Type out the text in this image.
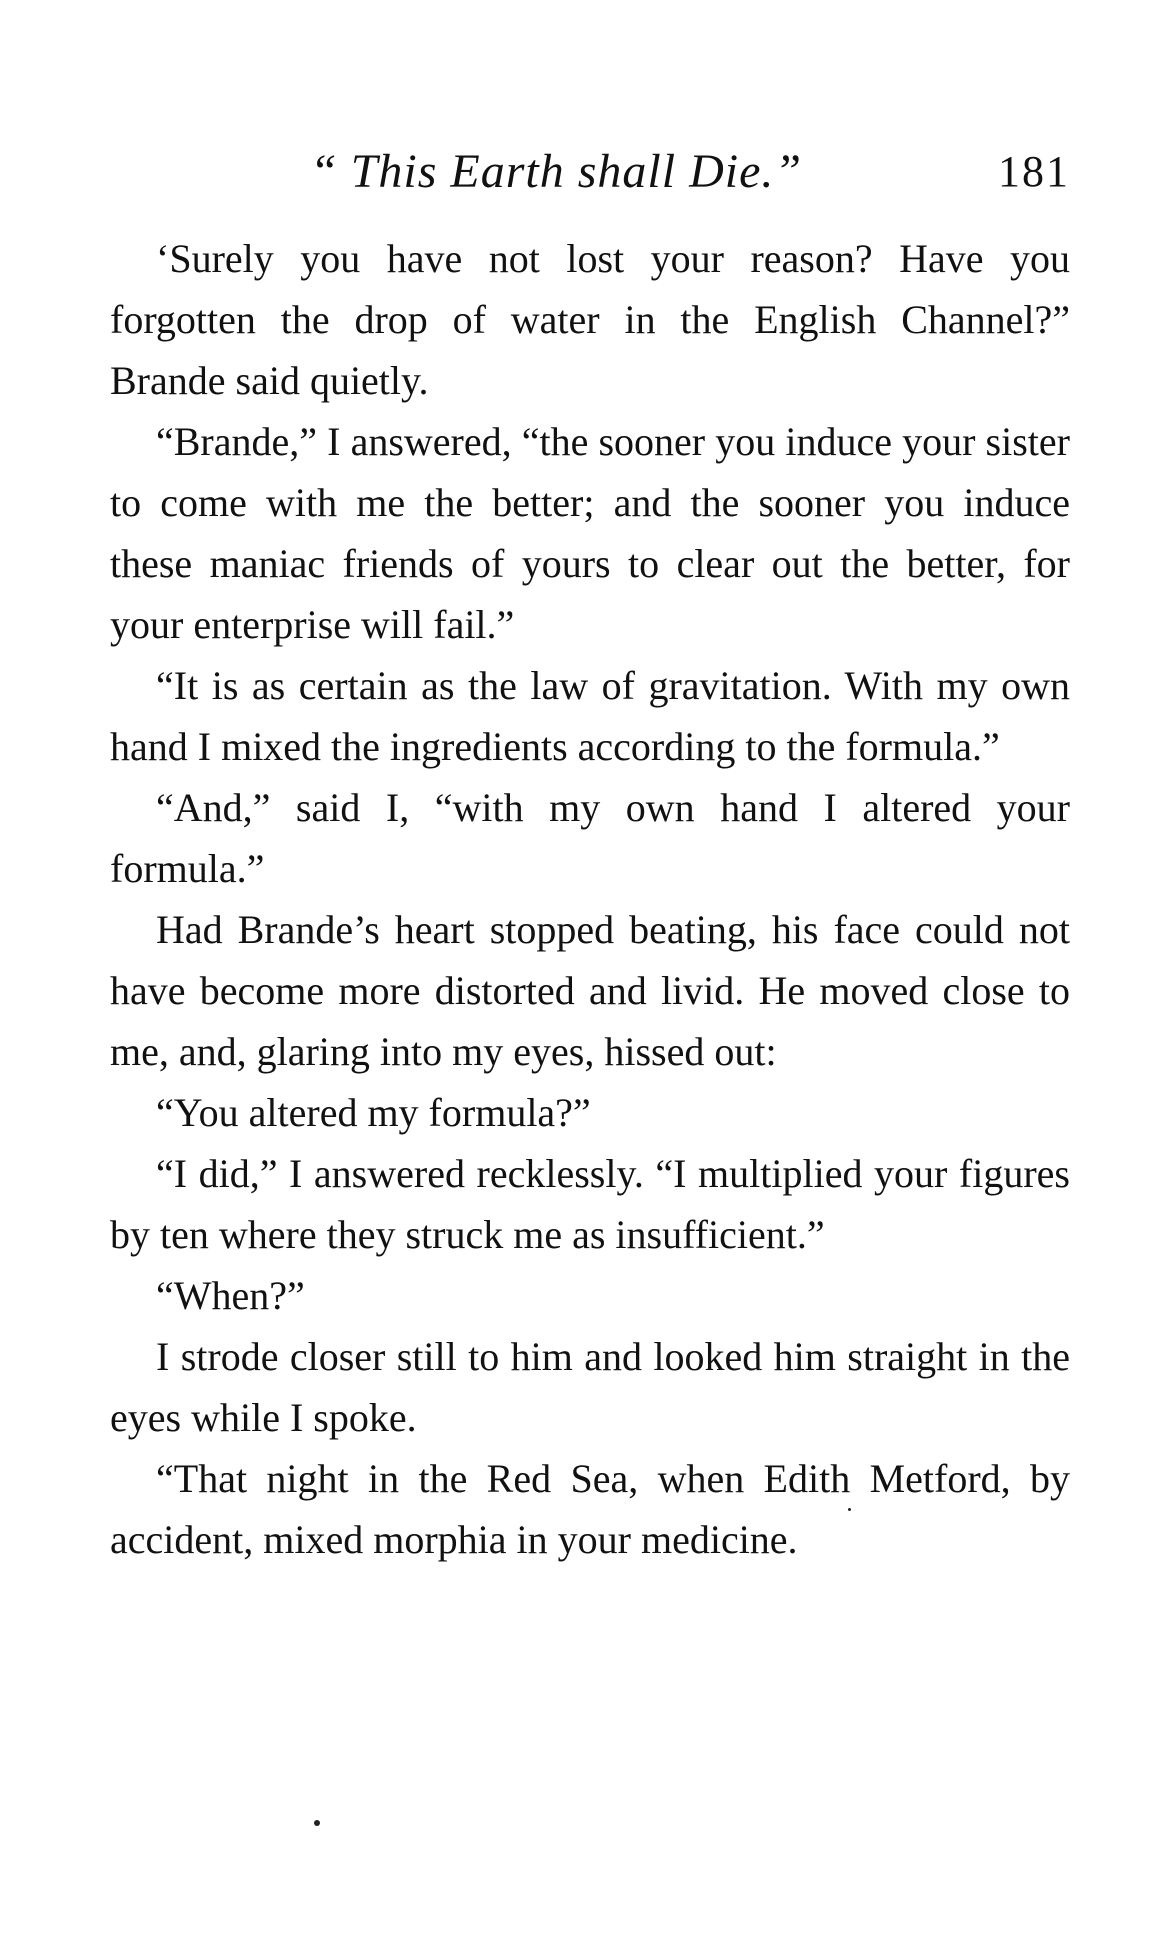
“ This Earth shall Die.”	181

‘Surely you have not lost your reason? Have you forgotten the drop of water in the English Channel?” Brande said quietly.

“Brande,” I answered, “the sooner you induce your sister to come with me the better; and the sooner you induce these maniac friends of yours to clear out the better, for your enterprise will fail.”

“It is as certain as the law of gravitation. With my own hand I mixed the ingredients according to the formula.”

“And,” said I, “with my own hand I altered your formula.”

Had Brande’s heart stopped beating, his face could not have become more distorted and livid. He moved close to me, and, glaring into my eyes, hissed out:

“You altered my formula?”

“I did,” I answered recklessly. “I multiplied your figures by ten where they struck me as insufficient.”

“When?”

I strode closer still to him and looked him straight in the eyes while I spoke.

“That night in the Red Sea, when Edith Metford, by accident, mixed morphia in your medicine.
